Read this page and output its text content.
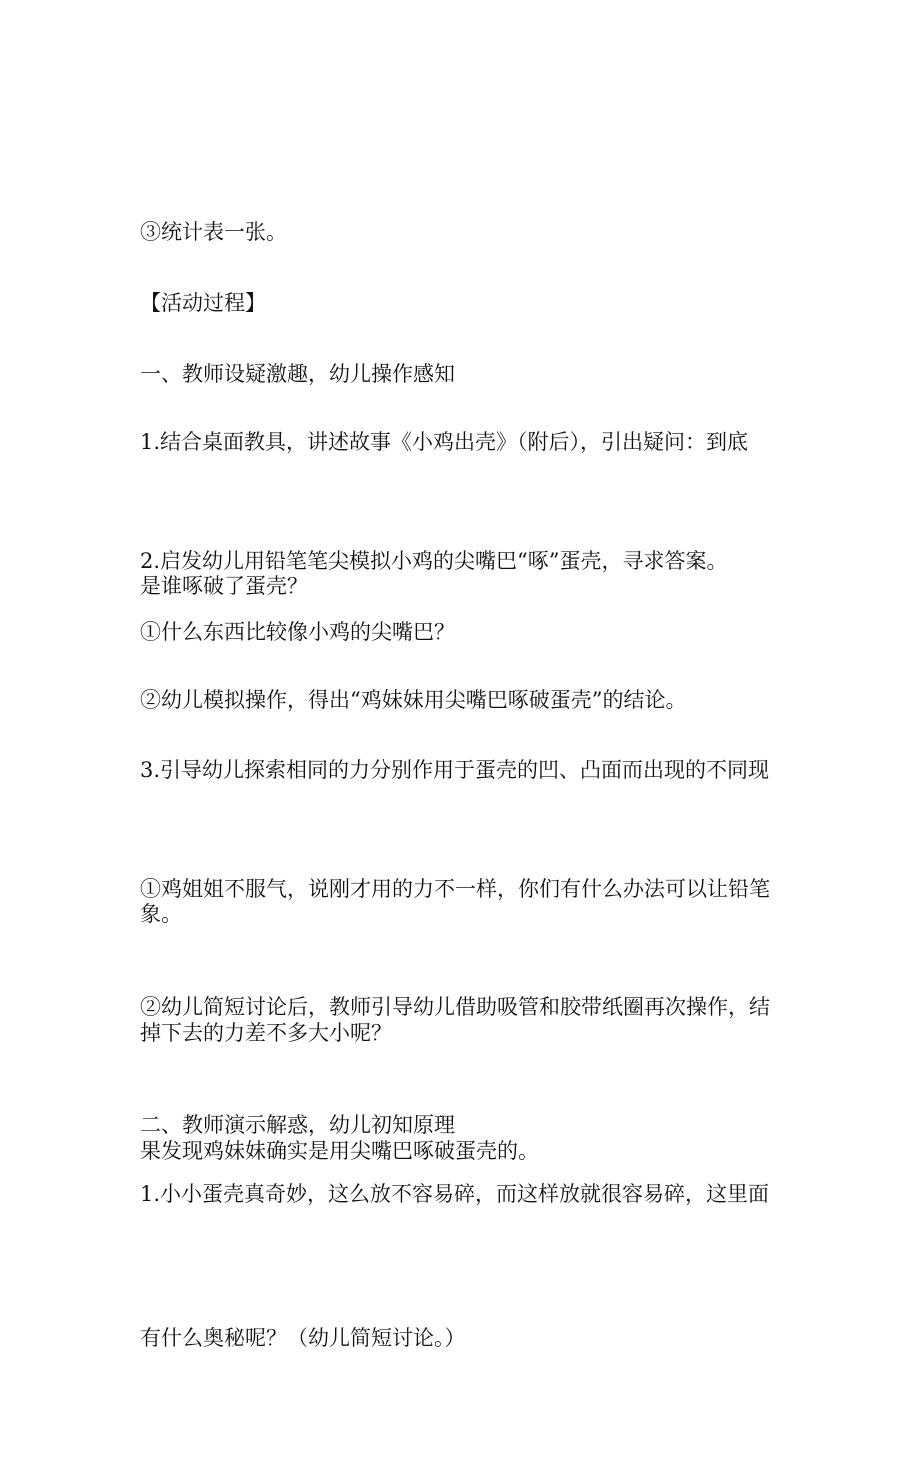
③统计表一张。

【活动过程】

一、教师设疑激趣，幼儿操作感知

1.结合桌面教具，讲述故事《小鸡出壳》（附后），引出疑问：到底

是谁啄破了蛋壳？

2.启发幼儿用铅笔笔尖模拟小鸡的尖嘴巴“啄”蛋壳，寻求答案。

①什么东西比较像小鸡的尖嘴巴？

②幼儿模拟操作，得出“鸡妹妹用尖嘴巴啄破蛋壳”的结论。

3.引导幼儿探索相同的力分别作用于蛋壳的凹、凸面而出现的不同现

象。

①鸡姐姐不服气，说刚才用的力不一样，你们有什么办法可以让铅笔

掉下去的力差不多大小呢？

②幼儿简短讨论后，教师引导幼儿借助吸管和胶带纸圈再次操作，结

果发现鸡妹妹确实是用尖嘴巴啄破蛋壳的。

二、教师演示解惑，幼儿初知原理

1.小小蛋壳真奇妙，这么放不容易碎，而这样放就很容易碎，这里面

有什么奥秘呢？（幼儿简短讨论。）
